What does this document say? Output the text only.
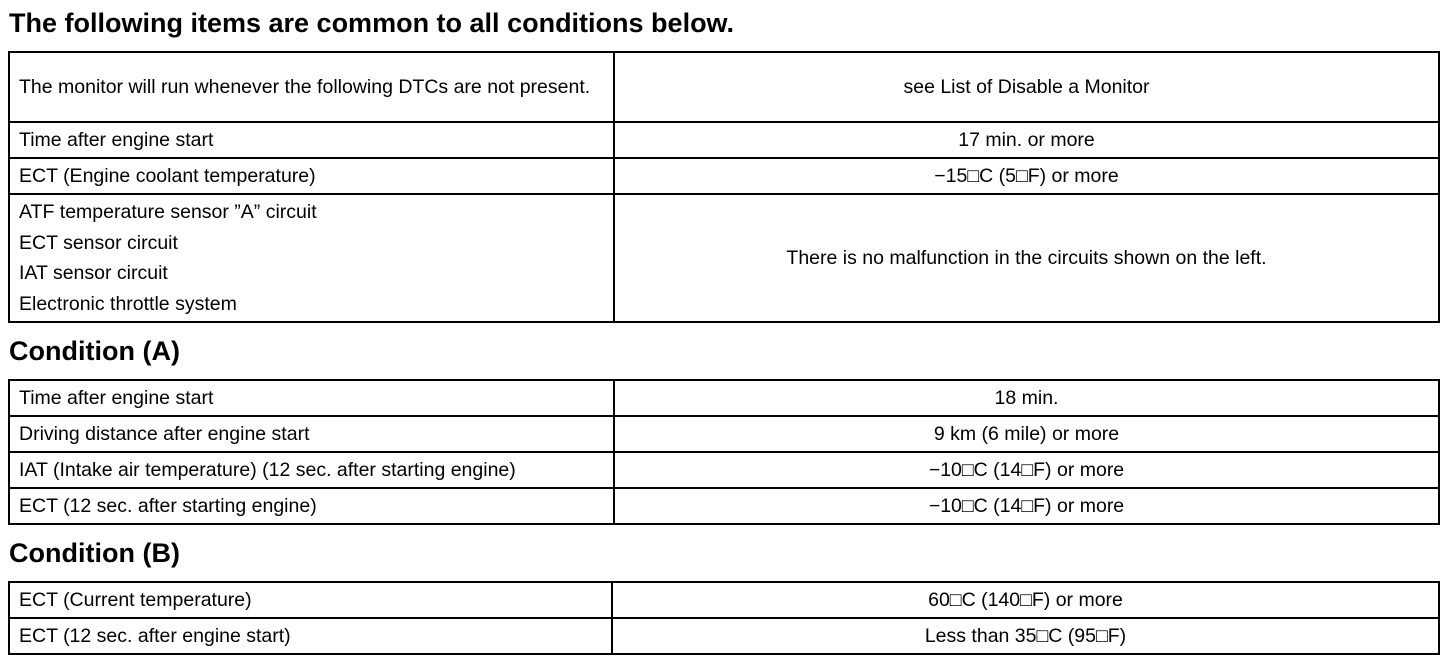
The following items are common to all conditions below.
The monitor will run whenever the following DTCs are not present.	see List of Disable a Monitor
Time after engine start	17 min. or more
ECT (Engine coolant temperature)	−15□C (5□F) or more

ATF temperature sensor ”A” circuit
ECT sensor circuit
IAT sensor circuit
Electronic throttle system	There is no malfunction in the circuits shown on the left.
Condition (A)
Time after engine start	18 min.
Driving distance after engine start	9 km (6 mile) or more
IAT (Intake air temperature) (12 sec. after starting engine)	−10□C (14□F) or more
ECT (12 sec. after starting engine)	−10□C (14□F) or more
Condition (B)
ECT (Current temperature)	60□C (140□F) or more
ECT (12 sec. after engine start)	Less than 35□C (95□F)
